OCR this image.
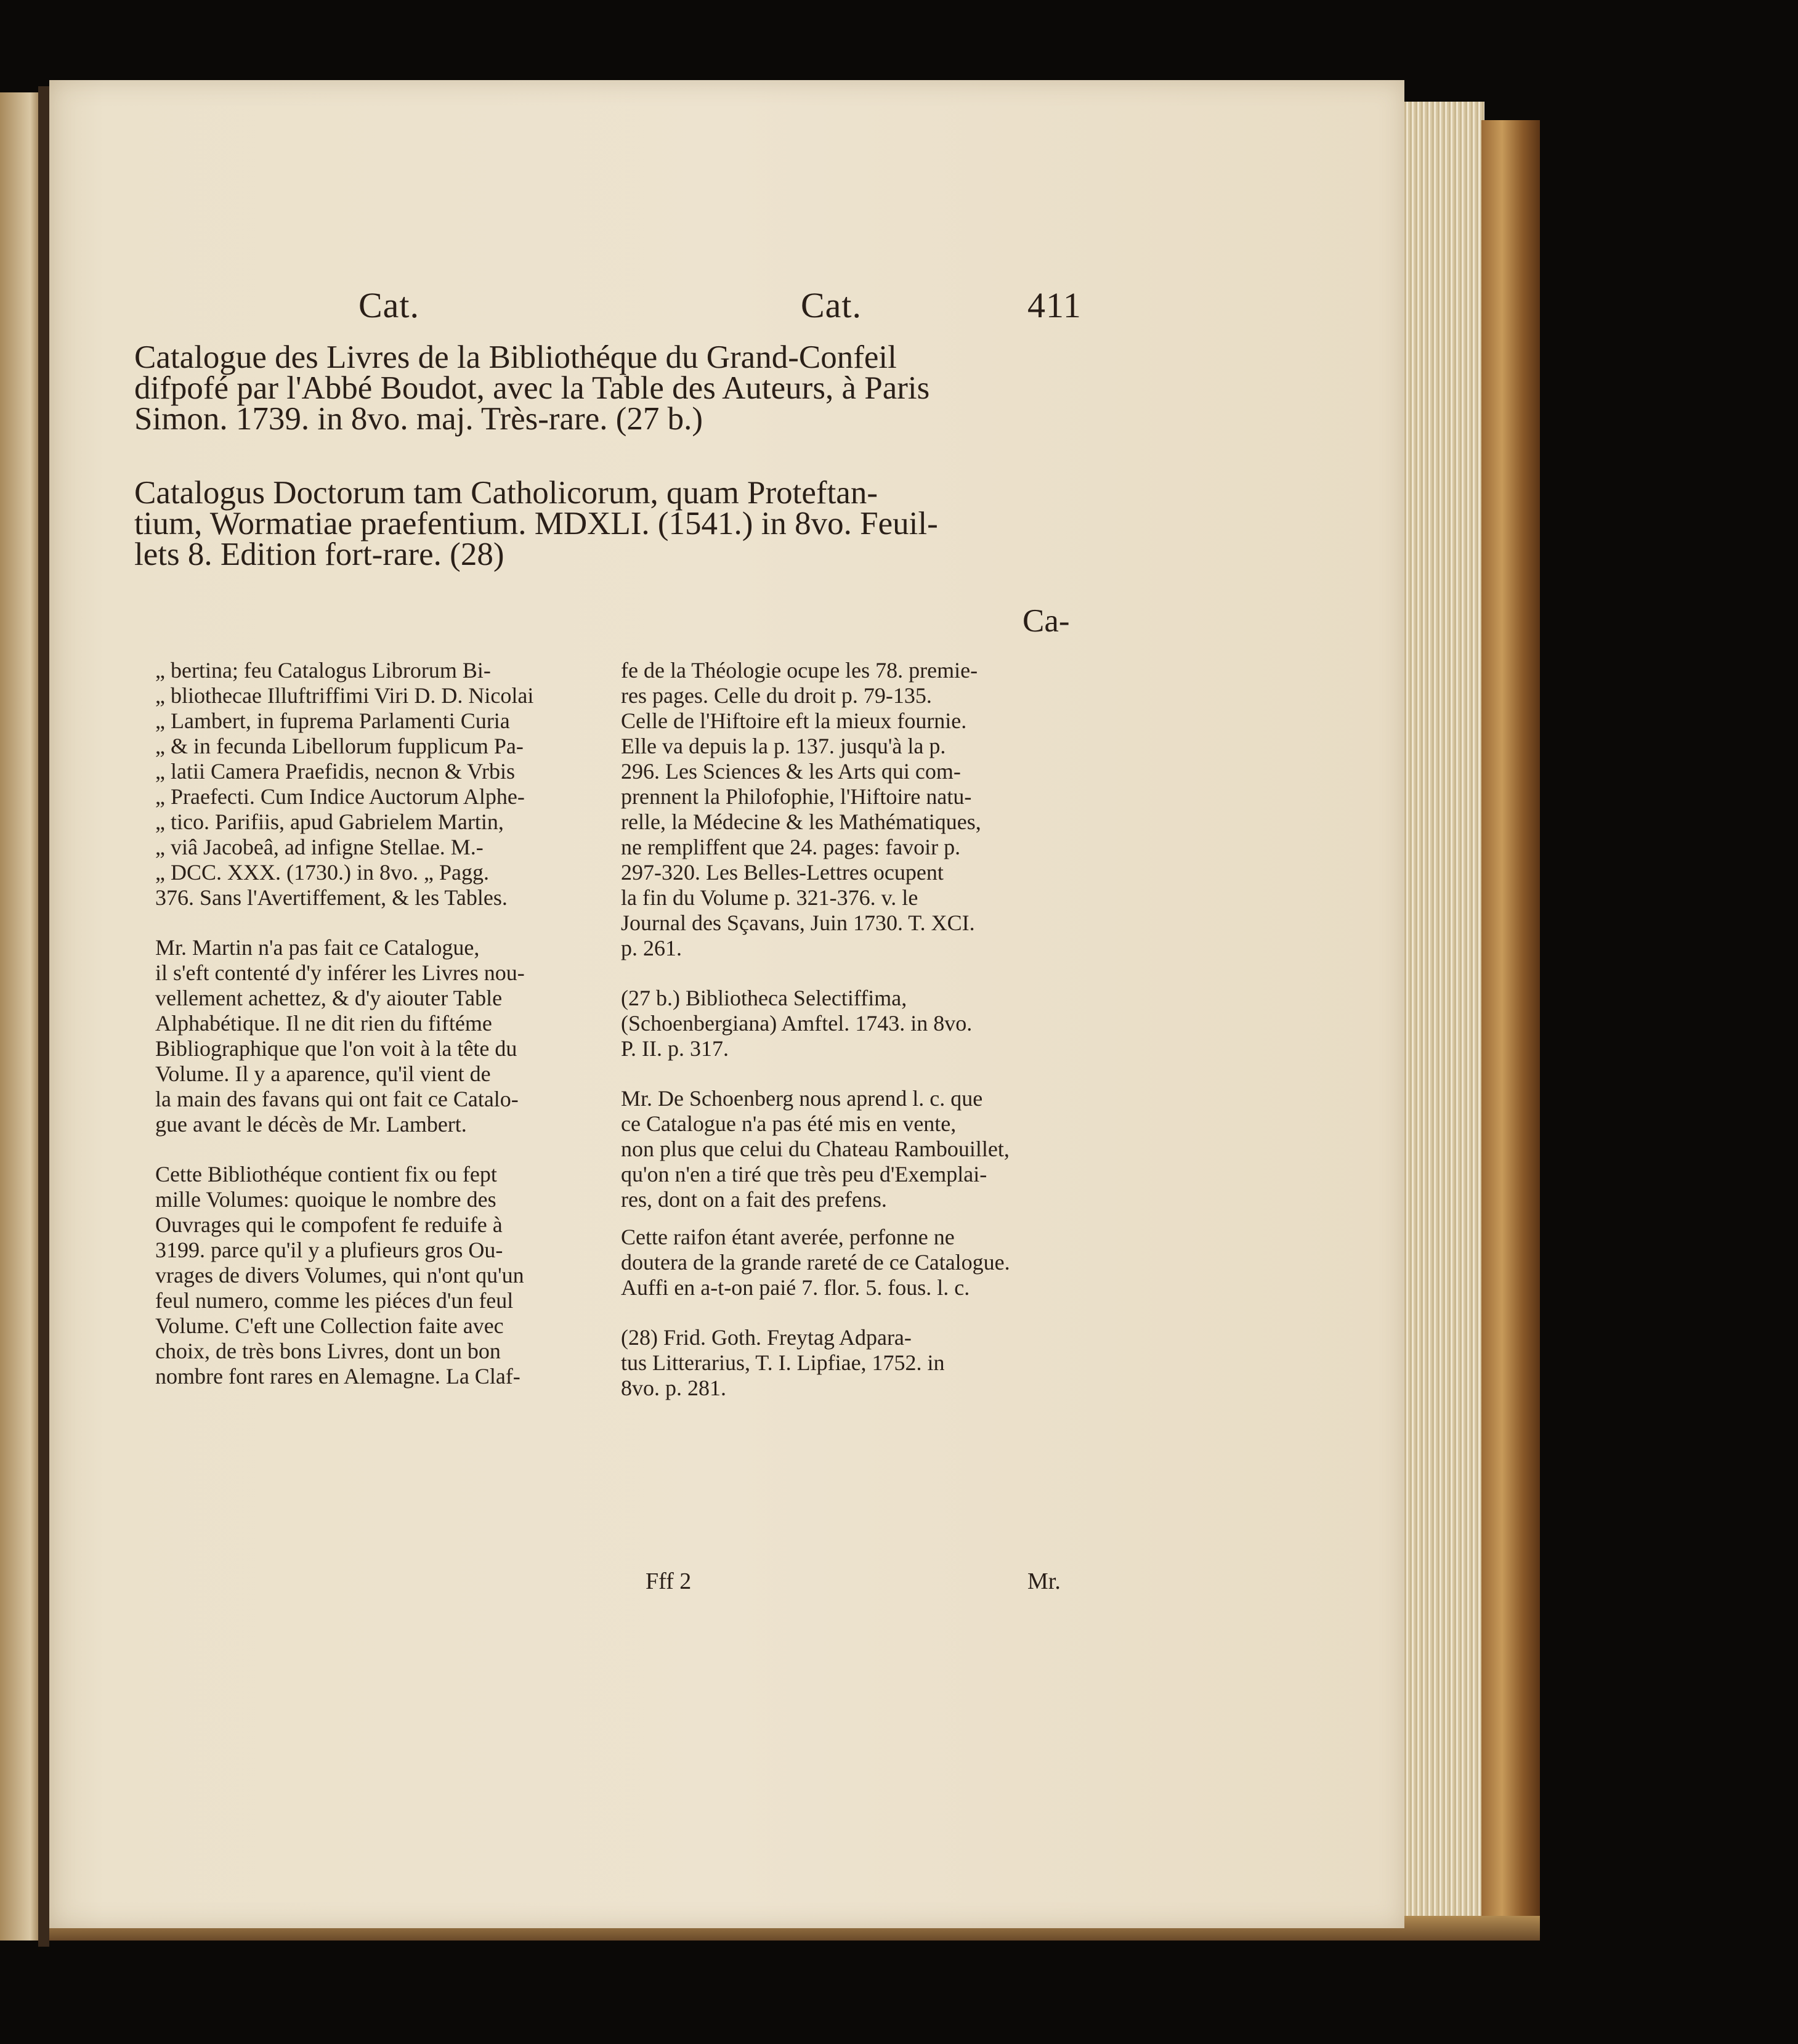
Cat.	Cat.	411

Catalogue des Livres de la Bibliothéque du Grand-Confeil
difpofé par l'Abbé Boudot, avec la Table des Auteurs, à Paris
Simon. 1739. in 8vo. maj. Très-rare. (27 b.)

Catalogus Doctorum tam Catholicorum, quam Proteftan-
tium, Wormatiae praefentium. MDXLI. (1541.) in 8vo. Feuil-
lets 8. Edition fort-rare. (28)

Ca-

„ bertina; feu Catalogus Librorum Bi-
„ bliothecae Illuftriffimi Viri D. D. Nicolai
„ Lambert, in fuprema Parlamenti Curia
„ & in fecunda Libellorum fupplicum Pa-
„ latii Camera Praefidis, necnon & Vrbis
„ Praefecti. Cum Indice Auctorum Alphe-
„ tico. Parifiis, apud Gabrielem Martin,
„ viâ Jacobeâ, ad infigne Stellae. M.-
„ DCC. XXX. (1730.) in 8vo. „ Pagg.
376. Sans l'Avertiffement, & les Tables.

Mr. Martin n'a pas fait ce Catalogue,
il s'eft contenté d'y inférer les Livres nou-
vellement achettez, & d'y aiouter Table
Alphabétique. Il ne dit rien du fiftéme
Bibliographique que l'on voit à la tête du
Volume. Il y a aparence, qu'il vient de
la main des favans qui ont fait ce Catalo-
gue avant le décès de Mr. Lambert.

Cette Bibliothéque contient fix ou fept
mille Volumes: quoique le nombre des
Ouvrages qui le compofent fe reduife à
3199. parce qu'il y a plufieurs gros Ou-
vrages de divers Volumes, qui n'ont qu'un
feul numero, comme les piéces d'un feul
Volume. C'eft une Collection faite avec
choix, de très bons Livres, dont un bon
nombre font rares en Alemagne. La Claf-

fe de la Théologie ocupe les 78. premie-
res pages. Celle du droit p. 79-135.
Celle de l'Hiftoire eft la mieux fournie.
Elle va depuis la p. 137. jusqu'à la p.
296. Les Sciences & les Arts qui com-
prennent la Philofophie, l'Hiftoire natu-
relle, la Médecine & les Mathématiques,
ne rempliffent que 24. pages: favoir p.
297-320. Les Belles-Lettres ocupent
la fin du Volume p. 321-376. v. le
Journal des Sçavans, Juin 1730. T. XCI.
p. 261.

(27 b.) Bibliotheca Selectiffima,
(Schoenbergiana) Amftel. 1743. in 8vo.
P. II. p. 317.

Mr. De Schoenberg nous aprend l. c. que
ce Catalogue n'a pas été mis en vente,
non plus que celui du Chateau Rambouillet,
qu'on n'en a tiré que très peu d'Exemplai-
res, dont on a fait des prefens.

Cette raifon étant averée, perfonne ne
doutera de la grande rareté de ce Catalogue.
Auffi en a-t-on paié 7. flor. 5. fous. l. c.

(28) Frid. Goth. Freytag Adpara-
tus Litterarius, T. I. Lipfiae, 1752. in
8vo. p. 281.

Fff 2	Mr.
